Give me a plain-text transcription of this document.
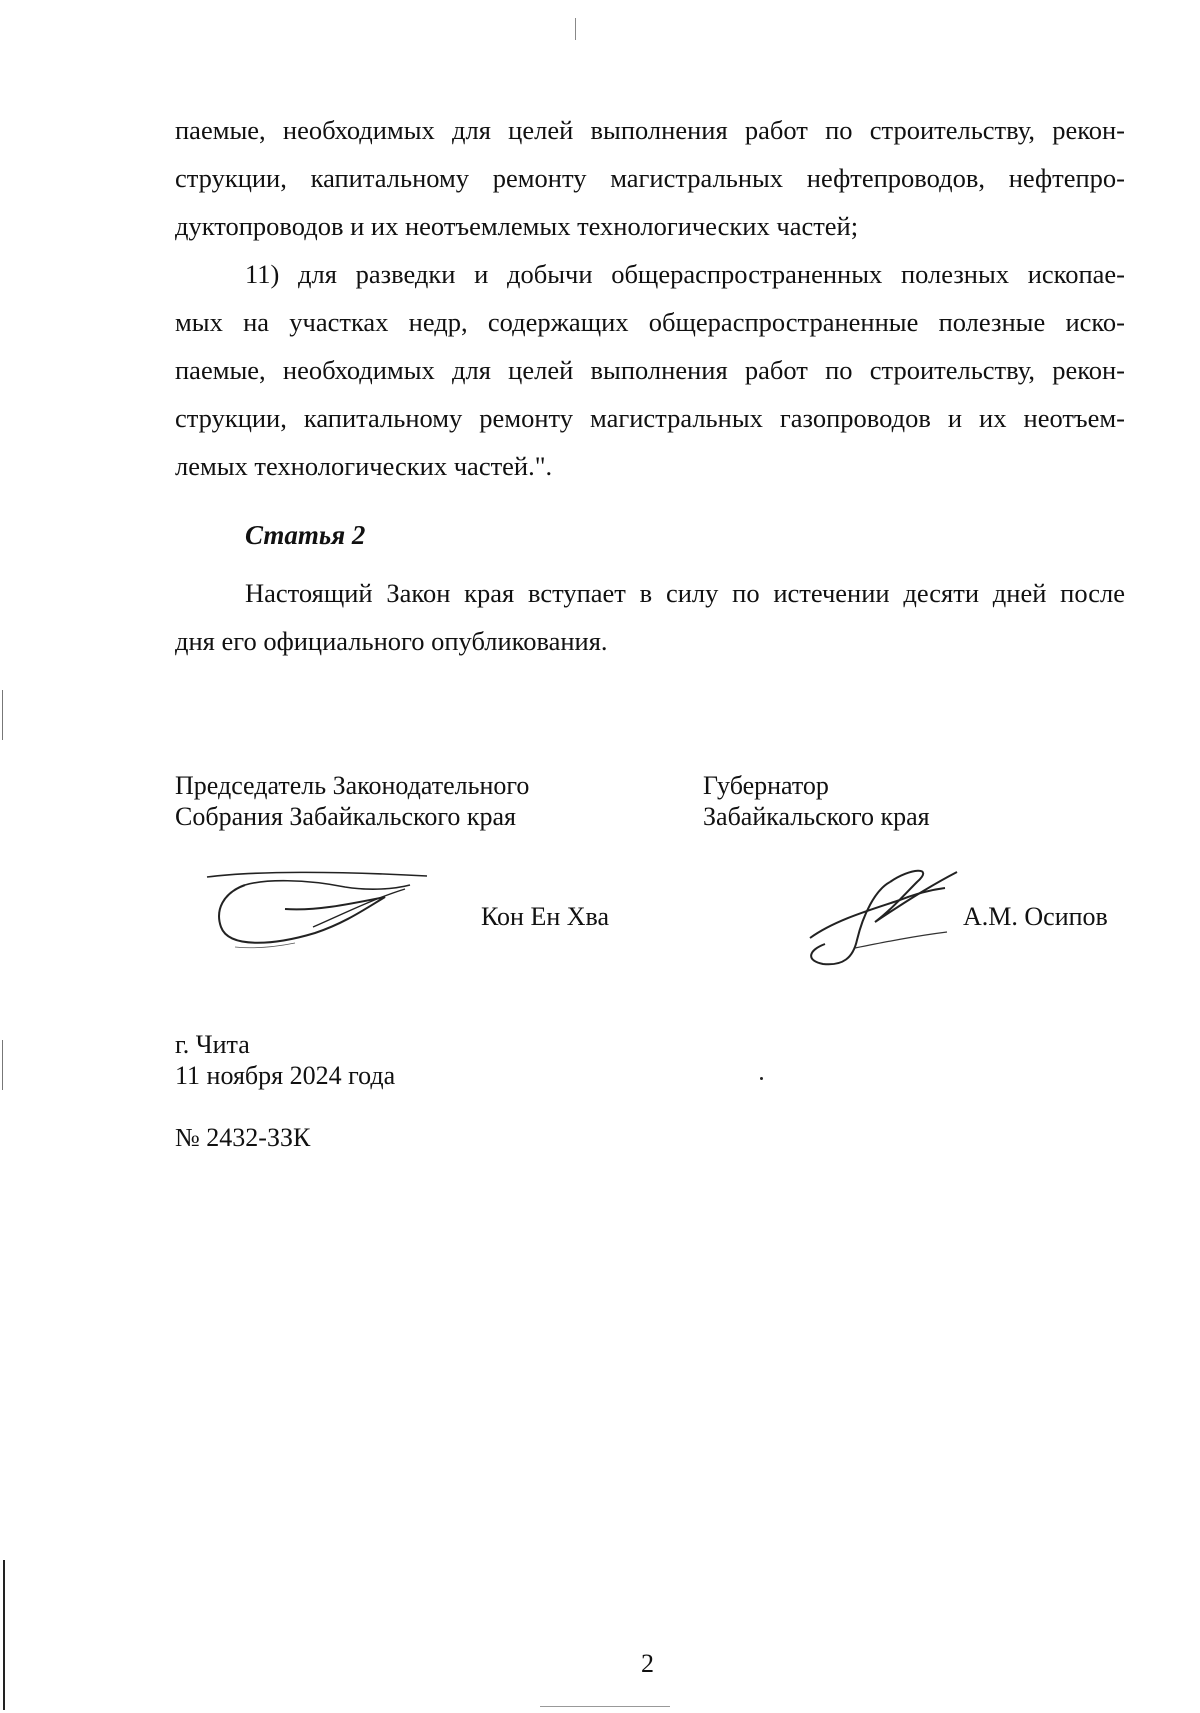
паемые, необходимых для целей выполнения работ по строительству, рекон-
струкции, капитальному ремонту магистральных нефтепроводов, нефтепро-
дуктопроводов и их неотъемлемых технологических частей;
11) для разведки и добычи общераспространенных полезных ископае-
мых на участках недр, содержащих общераспространенные полезные иско-
паемые, необходимых для целей выполнения работ по строительству, рекон-
струкции, капитальному ремонту магистральных газопроводов и их неотъем-
лемых технологических частей.".
Статья 2
Настоящий Закон края вступает в силу по истечении десяти дней после
дня его официального опубликования.
Председатель Законодательного
Собрания Забайкальского края
Губернатор
Забайкальского края
Кон Ен Хва	А.М. Осипов
г. Чита
11 ноября 2024 года
№ 2432-ЗЗК
2
